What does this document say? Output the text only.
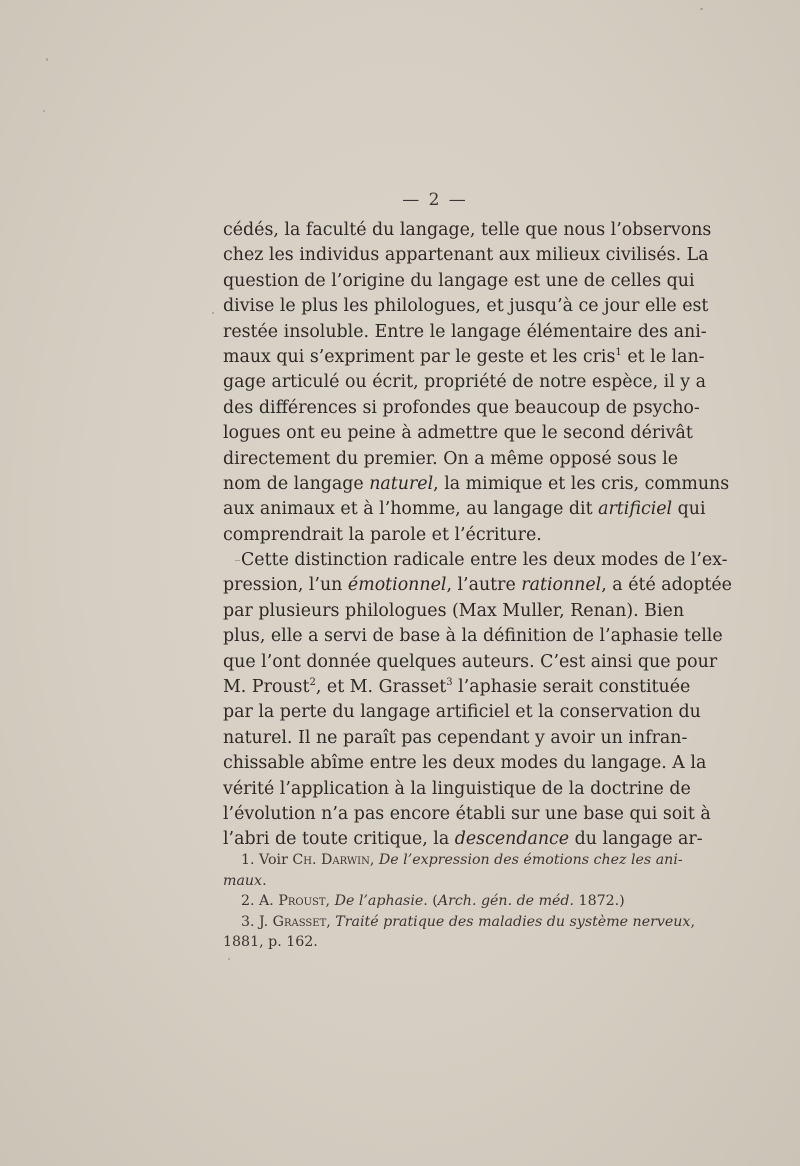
— 2 —
cédés, la faculté du langage, telle que nous l’observons
chez les individus appartenant aux milieux civilisés. La
question de l’origine du langage est une de celles qui
divise le plus les philologues, et jusqu’à ce jour elle est
restée insoluble. Entre le langage élémentaire des ani-
maux qui s’expriment par le geste et les cris$^1$ et le lan-
gage articulé ou écrit, propriété de notre espèce, il y a
des différences si profondes que beaucoup de psycho-
logues ont eu peine à admettre que le second dérivât
directement du premier. On a même opposé sous le
nom de langage naturel, la mimique et les cris, communs
aux animaux et à l’homme, au langage dit artificiel qui
comprendrait la parole et l’écriture.
Cette distinction radicale entre les deux modes de l’ex-
pression, l’un émotionnel, l’autre rationnel, a été adoptée
par plusieurs philologues (Max Muller, Renan). Bien
plus, elle a servi de base à la définition de l’aphasie telle
que l’ont donnée quelques auteurs. C’est ainsi que pour
M. Proust$^2$, et M. Grasset$^3$ l’aphasie serait constituée
par la perte du langage artificiel et la conservation du
naturel. Il ne paraît pas cependant y avoir un infran-
chissable abîme entre les deux modes du langage. A la
vérité l’application à la linguistique de la doctrine de
l’évolution n’a pas encore établi sur une base qui soit à
l’abri de toute critique, la descendance du langage ar-
1. Voir Ch. Darwin, De l’expression des émotions chez les ani-
maux.
2. A. Proust, De l’aphasie. (Arch. gén. de méd. 1872.)
3. J. Grasset, Traité pratique des maladies du système nerveux,
1881, p. 162.
